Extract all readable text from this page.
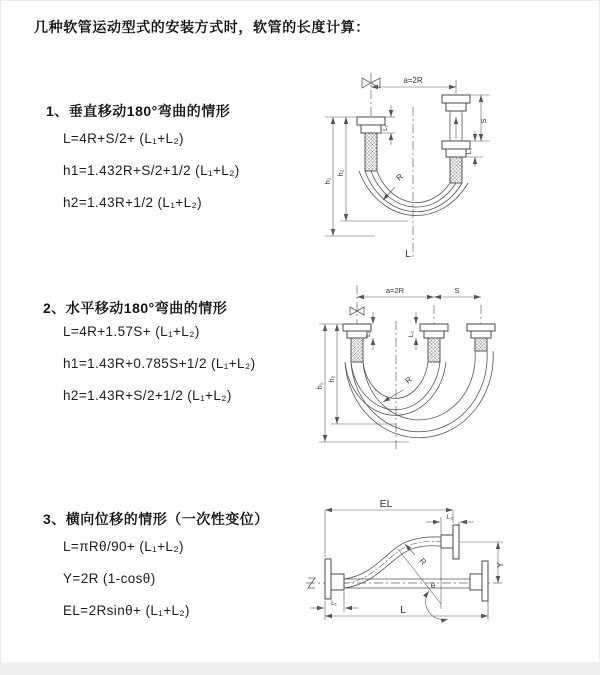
几种软管运动型式的安装方式时，软管的长度计算：
1、垂直移动180°弯曲的情形
L=4R+S/2+ (L₁+L₂)
h1=1.432R+S/2+1/2 (L₁+L₂)
h2=1.43R+1/2 (L₁+L₂)
2、水平移动180°弯曲的情形
L=4R+1.57S+ (L₁+L₂)
h1=1.43R+0.785S+1/2 (L₁+L₂)
h2=1.43R+S/2+1/2 (L₁+L₂)
3、横向位移的情形（一次性变位）
L=πRθ/90+ (L₁+L₂)
Y=2R (1-cosθ)
EL=2Rsinθ+ (L₁+L₂)
a=2R
L
R
h₁
h₂
L₁
S
L₂
a=2R	S
h₁
h₂
L₁	L₂
R
θ
R
EL
L₂
Y
L
L₁
